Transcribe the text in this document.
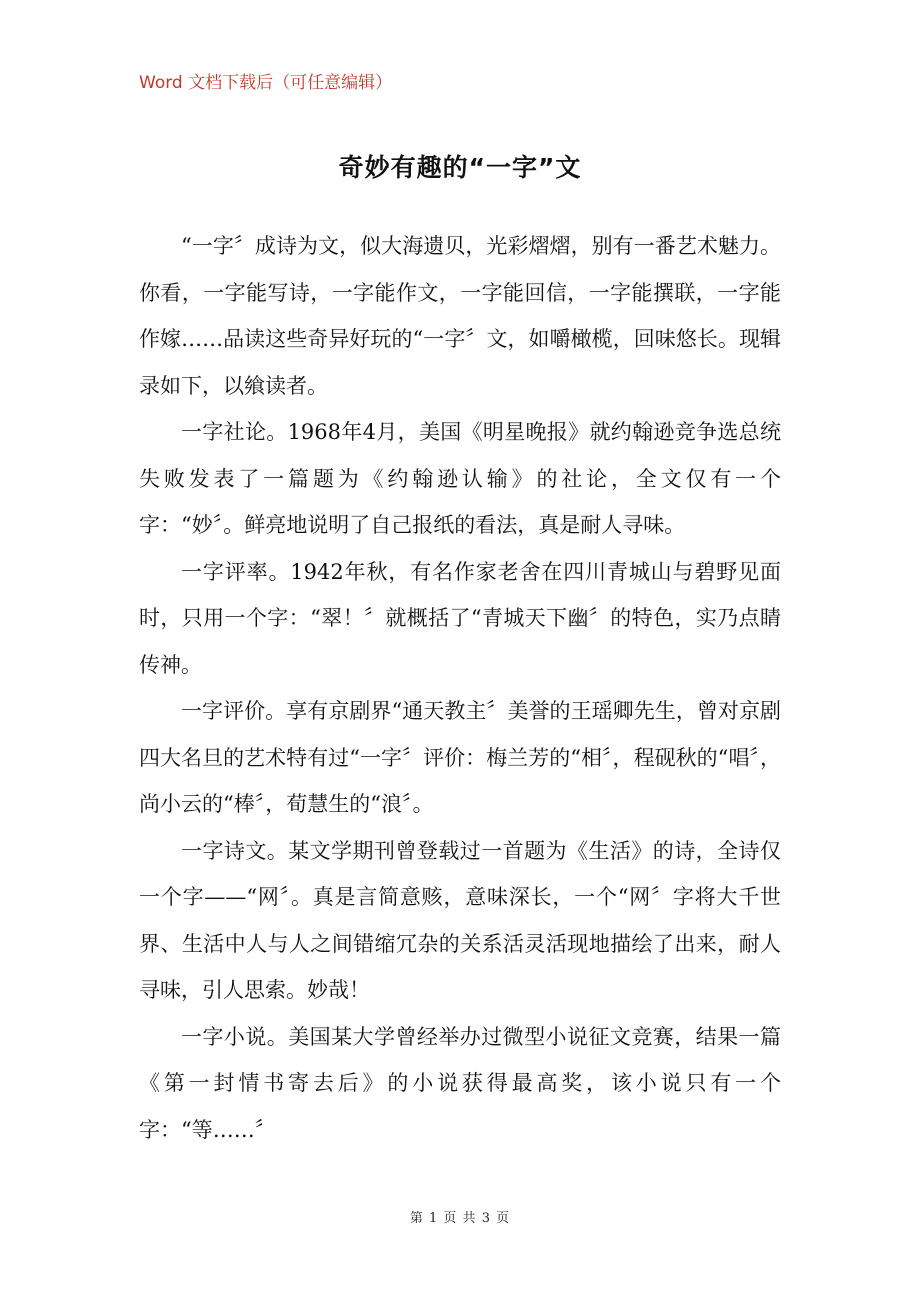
Word 文档下载后（可任意编辑）
奇妙有趣的“一字”文

“一字〞成诗为文，似大海遗贝，光彩熠熠，别有一番艺术魅力。你看，一字能写诗，一字能作文，一字能回信，一字能撰联，一字能作嫁……品读这些奇异好玩的“一字〞文，如嚼橄榄，回味悠长。现辑录如下，以飨读者。

一字社论。1968年4月，美国《明星晚报》就约翰逊竞争选总统失败发表了一篇题为《约翰逊认输》的社论，全文仅有一个字：“妙〞。鲜亮地说明了自己报纸的看法，真是耐人寻味。

一字评率。1942年秋，有名作家老舍在四川青城山与碧野见面时，只用一个字：“翠！〞就概括了“青城天下幽〞的特色，实乃点睛传神。

一字评价。享有京剧界“通天教主〞美誉的王瑶卿先生，曾对京剧四大名旦的艺术特有过“一字〞评价：梅兰芳的“相〞，程砚秋的“唱〞，尚小云的“棒〞，荀慧生的“浪〞。

一字诗文。某文学期刊曾登载过一首题为《生活》的诗，全诗仅一个字——“网〞。真是言简意赅，意味深长，一个“网〞字将大千世界、生活中人与人之间错缩冗杂的关系活灵活现地描绘了出来，耐人寻味，引人思索。妙哉！

一字小说。美国某大学曾经举办过微型小说征文竞赛，结果一篇《第一封情书寄去后》的小说获得最高奖，该小说只有一个字：“等……〞

第 1 页 共 3 页
